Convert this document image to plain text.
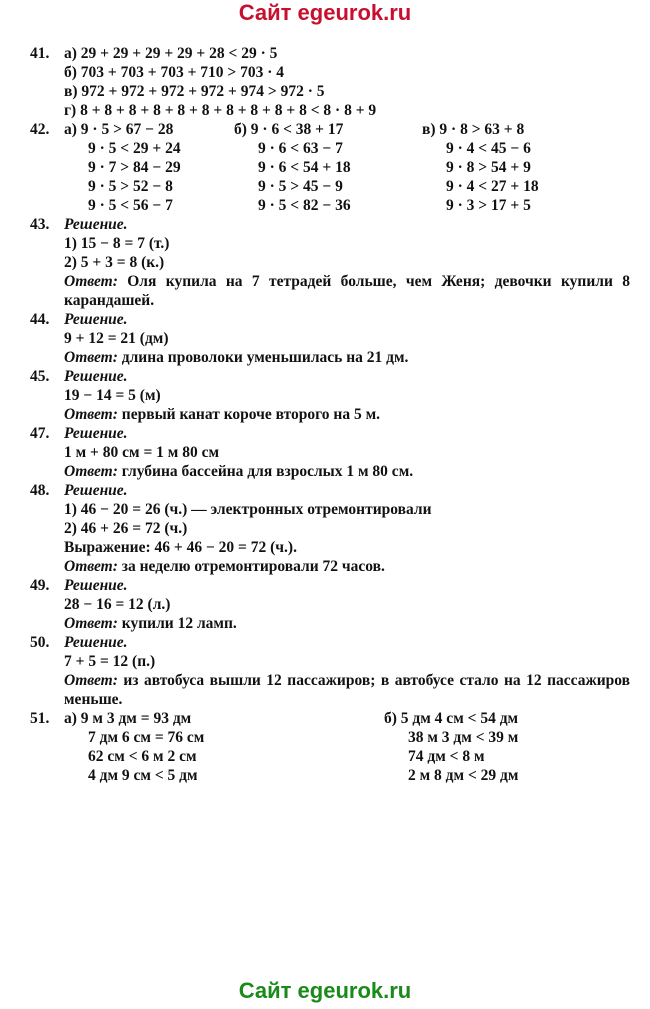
Сайт egeurok.ru
41. а) 29 + 29 + 29 + 29 + 28 < 29 · 5
б) 703 + 703 + 703 + 710 > 703 · 4
в) 972 + 972 + 972 + 972 + 974 > 972 · 5
г) 8 + 8 + 8 + 8 + 8 + 8 + 8 + 8 + 8 + 8 < 8 · 8 + 9
42. а) 9 · 5 > 67 − 28
9 · 5 < 29 + 24
9 · 7 > 84 − 29
9 · 5 > 52 − 8
9 · 5 < 56 − 7
б) 9 · 6 < 38 + 17
9 · 6 < 63 − 7
9 · 6 < 54 + 18
9 · 5 > 45 − 9
9 · 5 < 82 − 36
в) 9 · 8 > 63 + 8
9 · 4 < 45 − 6
9 · 8 > 54 + 9
9 · 4 < 27 + 18
9 · 3 > 17 + 5
43. Решение.
1) 15 − 8 = 7 (т.)
2) 5 + 3 = 8 (к.)
Ответ: Оля купила на 7 тетрадей больше, чем Женя; девочки купили 8 карандашей.
44. Решение.
9 + 12 = 21 (дм)
Ответ: длина проволоки уменьшилась на 21 дм.
45. Решение.
19 − 14 = 5 (м)
Ответ: первый канат короче второго на 5 м.
47. Решение.
1 м + 80 см = 1 м 80 см
Ответ: глубина бассейна для взрослых 1 м 80 см.
48. Решение.
1) 46 − 20 = 26 (ч.) — электронных отремонтировали
2) 46 + 26 = 72 (ч.)
Выражение: 46 + 46 − 20 = 72 (ч.).
Ответ: за неделю отремонтировали 72 часов.
49. Решение.
28 − 16 = 12 (л.)
Ответ: купили 12 ламп.
50. Решение.
7 + 5 = 12 (п.)
Ответ: из автобуса вышли 12 пассажиров; в автобусе стало на 12 пассажиров меньше.
51. а) 9 м 3 дм = 93 дм
7 дм 6 см = 76 см
62 см < 6 м 2 см
4 дм 9 см < 5 дм
б) 5 дм 4 см < 54 дм
38 м 3 дм < 39 м
74 дм < 8 м
2 м 8 дм < 29 дм
Сайт egeurok.ru
